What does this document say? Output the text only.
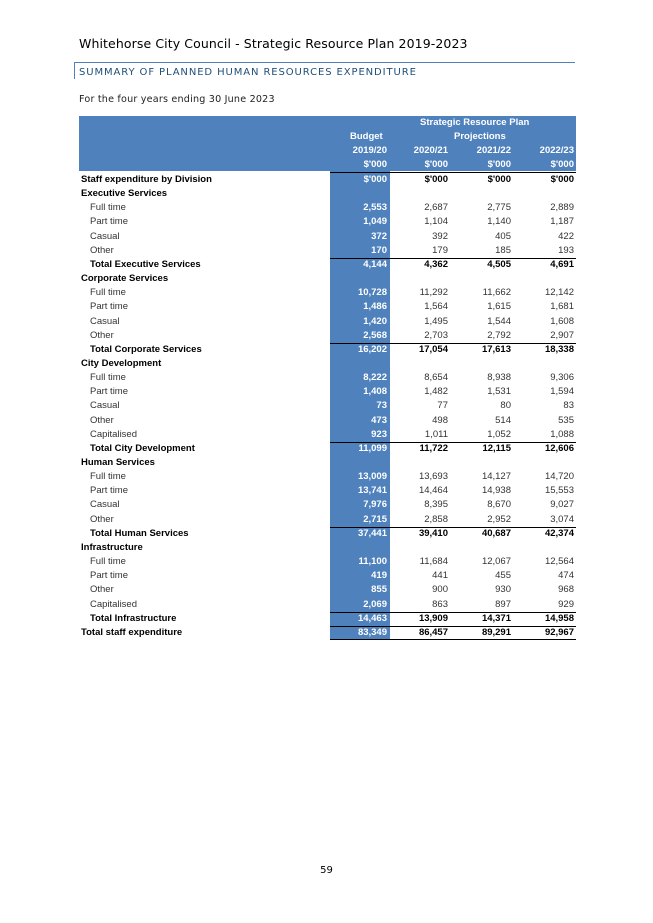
Whitehorse City Council - Strategic Resource Plan 2019-2023
SUMMARY OF PLANNED HUMAN RESOURCES EXPENDITURE
For the four years ending 30 June 2023
Strategic Resource Plan
Projections
Budget
2019/20	2020/21	2021/22	2022/23
$'000	$'000	$'000	$'000
Staff expenditure by Division	$'000	$'000	$'000	$'000
Executive Services
Full time	2,553	2,687	2,775	2,889
Part time	1,049	1,104	1,140	1,187
Casual	372	392	405	422
Other	170	179	185	193
Total Executive Services	4,144	4,362	4,505	4,691
Corporate Services
Full time	10,728	11,292	11,662	12,142
Part time	1,486	1,564	1,615	1,681
Casual	1,420	1,495	1,544	1,608
Other	2,568	2,703	2,792	2,907
Total Corporate Services	16,202	17,054	17,613	18,338
City Development
Full time	8,222	8,654	8,938	9,306
Part time	1,408	1,482	1,531	1,594
Casual	73	77	80	83
Other	473	498	514	535
Capitalised	923	1,011	1,052	1,088
Total City Development	11,099	11,722	12,115	12,606
Human Services
Full time	13,009	13,693	14,127	14,720
Part time	13,741	14,464	14,938	15,553
Casual	7,976	8,395	8,670	9,027
Other	2,715	2,858	2,952	3,074
Total Human Services	37,441	39,410	40,687	42,374
Infrastructure
Full time	11,100	11,684	12,067	12,564
Part time	419	441	455	474
Other	855	900	930	968
Capitalised	2,069	863	897	929
Total Infrastructure	14,463	13,909	14,371	14,958
Total staff expenditure	83,349	86,457	89,291	92,967
59
